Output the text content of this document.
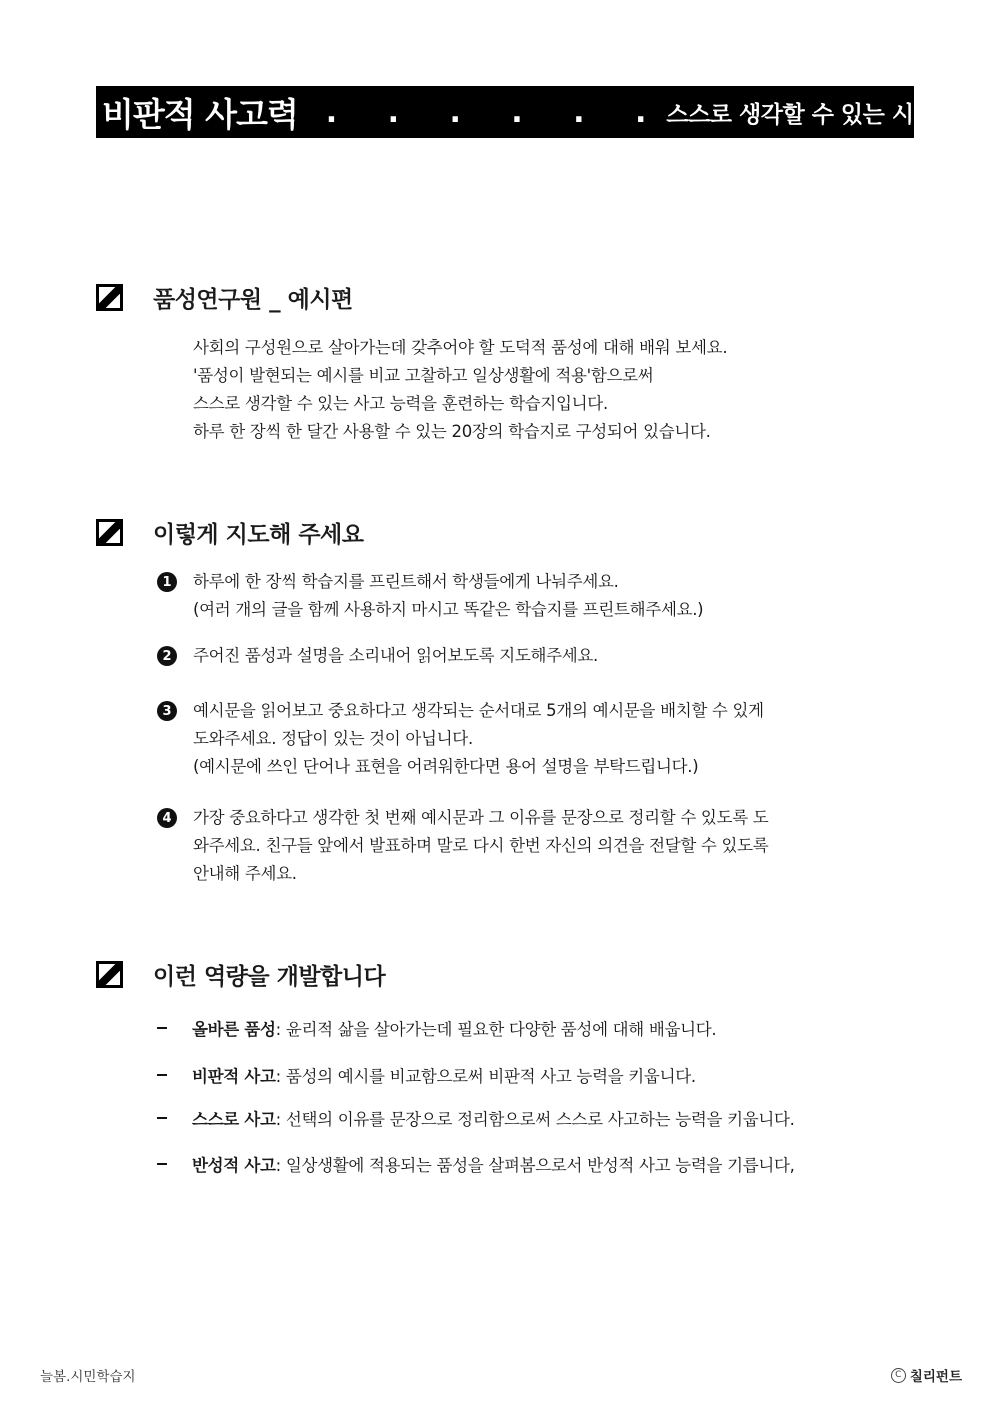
비판적 사고력 . . . . . . 스스로 생각할 수 있는 시민력
품성연구원 _ 예시편
사회의 구성원으로 살아가는데 갖추어야 할 도덕적 품성에 대해 배워 보세요.
'품성이 발현되는 예시를 비교 고찰하고 일상생활에 적용'함으로써
스스로 생각할 수 있는 사고 능력을 훈련하는 학습지입니다.
하루 한 장씩 한 달간 사용할 수 있는 20장의 학습지로 구성되어 있습니다.
이렇게 지도해 주세요
1	하루에 한 장씩 학습지를 프린트해서 학생들에게 나눠주세요.
(여러 개의 글을 함께 사용하지 마시고 똑같은 학습지를 프린트해주세요.)
2	주어진 품성과 설명을 소리내어 읽어보도록 지도해주세요.
3	예시문을 읽어보고 중요하다고 생각되는 순서대로 5개의 예시문을 배치할 수 있게
도와주세요. 정답이 있는 것이 아닙니다.
(예시문에 쓰인 단어나 표현을 어려워한다면 용어 설명을 부탁드립니다.)
4	가장 중요하다고 생각한 첫 번째 예시문과 그 이유를 문장으로 정리할 수 있도록 도
와주세요. 친구들 앞에서 발표하며 말로 다시 한번 자신의 의견을 전달할 수 있도록
안내해 주세요.
이런 역량을 개발합니다
올바른 품성 : 윤리적 삶을 살아가는데 필요한 다양한 품성에 대해 배웁니다.
비판적 사고 : 품성의 예시를 비교함으로써 비판적 사고 능력을 키웁니다.
스스로 사고 : 선택의 이유를 문장으로 정리함으로써 스스로 사고하는 능력을 키웁니다.
반성적 사고 : 일상생활에 적용되는 품성을 살펴봄으로서 반성적 사고 능력을 기릅니다,
늘봄.시민학습지	C 칠리펀트
